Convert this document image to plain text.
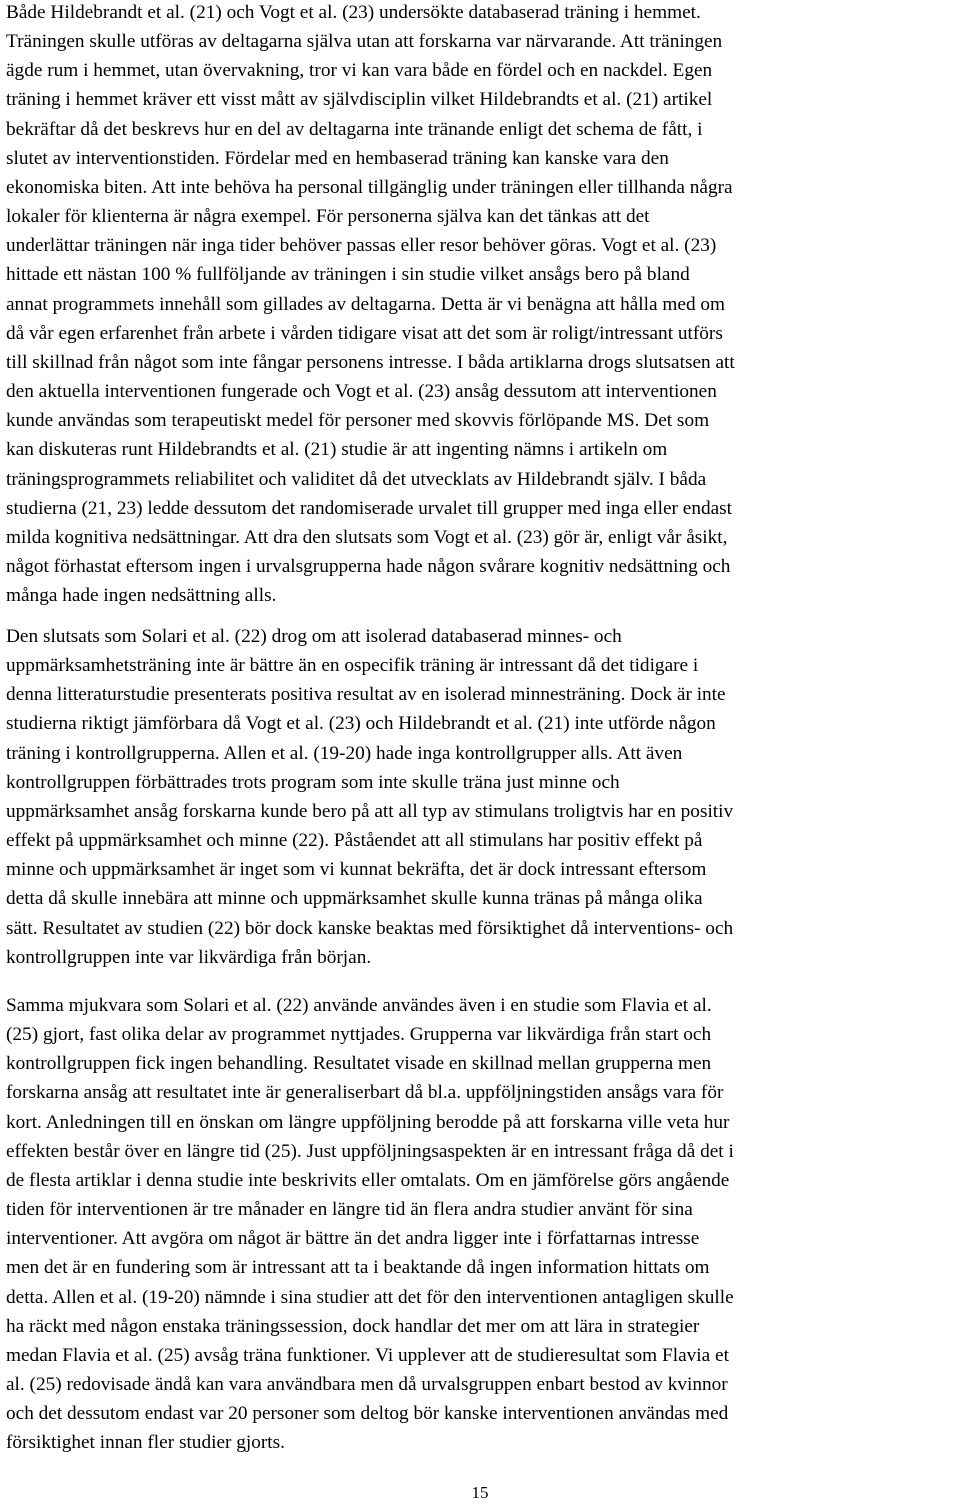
Både Hildebrandt et al. (21) och Vogt et al. (23) undersökte databaserad träning i hemmet.
Träningen skulle utföras av deltagarna själva utan att forskarna var närvarande. Att träningen
ägde rum i hemmet, utan övervakning, tror vi kan vara både en fördel och en nackdel. Egen
träning i hemmet kräver ett visst mått av självdisciplin vilket Hildebrandts et al. (21) artikel
bekräftar då det beskrevs hur en del av deltagarna inte tränande enligt det schema de fått, i
slutet av interventionstiden. Fördelar med en hembaserad träning kan kanske vara den
ekonomiska biten. Att inte behöva ha personal tillgänglig under träningen eller tillhanda några
lokaler för klienterna är några exempel. För personerna själva kan det tänkas att det
underlättar träningen när inga tider behöver passas eller resor behöver göras. Vogt et al. (23)
hittade ett nästan 100 % fullföljande av träningen i sin studie vilket ansågs bero på bland
annat programmets innehåll som gillades av deltagarna. Detta är vi benägna att hålla med om
då vår egen erfarenhet från arbete i vården tidigare visat att det som är roligt/intressant utförs
till skillnad från något som inte fångar personens intresse. I båda artiklarna drogs slutsatsen att
den aktuella interventionen fungerade och Vogt et al. (23) ansåg dessutom att interventionen
kunde användas som terapeutiskt medel för personer med skovvis förlöpande MS. Det som
kan diskuteras runt Hildebrandts et al. (21) studie är att ingenting nämns i artikeln om
träningsprogrammets reliabilitet och validitet då det utvecklats av Hildebrandt själv. I båda
studierna (21, 23) ledde dessutom det randomiserade urvalet till grupper med inga eller endast
milda kognitiva nedsättningar. Att dra den slutsats som Vogt et al. (23) gör är, enligt vår åsikt,
något förhastat eftersom ingen i urvalsgrupperna hade någon svårare kognitiv nedsättning och
många hade ingen nedsättning alls.
Den slutsats som Solari et al. (22) drog om att isolerad databaserad minnes- och
uppmärksamhetsträning inte är bättre än en ospecifik träning är intressant då det tidigare i
denna litteraturstudie presenterats positiva resultat av en isolerad minnesträning. Dock är inte
studierna riktigt jämförbara då Vogt et al. (23) och Hildebrandt et al. (21) inte utförde någon
träning i kontrollgrupperna. Allen et al. (19-20) hade inga kontrollgrupper alls. Att även
kontrollgruppen förbättrades trots program som inte skulle träna just minne och
uppmärksamhet ansåg forskarna kunde bero på att all typ av stimulans troligtvis har en positiv
effekt på uppmärksamhet och minne (22). Påståendet att all stimulans har positiv effekt på
minne och uppmärksamhet är inget som vi kunnat bekräfta, det är dock intressant eftersom
detta då skulle innebära att minne och uppmärksamhet skulle kunna tränas på många olika
sätt. Resultatet av studien (22) bör dock kanske beaktas med försiktighet då interventions- och
kontrollgruppen inte var likvärdiga från början.
Samma mjukvara som Solari et al. (22) använde användes även i en studie som Flavia et al.
(25) gjort, fast olika delar av programmet nyttjades. Grupperna var likvärdiga från start och
kontrollgruppen fick ingen behandling. Resultatet visade en skillnad mellan grupperna men
forskarna ansåg att resultatet inte är generaliserbart då bl.a. uppföljningstiden ansågs vara för
kort. Anledningen till en önskan om längre uppföljning berodde på att forskarna ville veta hur
effekten består över en längre tid (25). Just uppföljningsaspekten är en intressant fråga då det i
de flesta artiklar i denna studie inte beskrivits eller omtalats. Om en jämförelse görs angående
tiden för interventionen är tre månader en längre tid än flera andra studier använt för sina
interventioner. Att avgöra om något är bättre än det andra ligger inte i författarnas intresse
men det är en fundering som är intressant att ta i beaktande då ingen information hittats om
detta. Allen et al. (19-20) nämnde i sina studier att det för den interventionen antagligen skulle
ha räckt med någon enstaka träningssession, dock handlar det mer om att lära in strategier
medan Flavia et al. (25) avsåg träna funktioner. Vi upplever att de studieresultat som Flavia et
al. (25) redovisade ändå kan vara användbara men då urvalsgruppen enbart bestod av kvinnor
och det dessutom endast var 20 personer som deltog bör kanske interventionen användas med
försiktighet innan fler studier gjorts.
15
